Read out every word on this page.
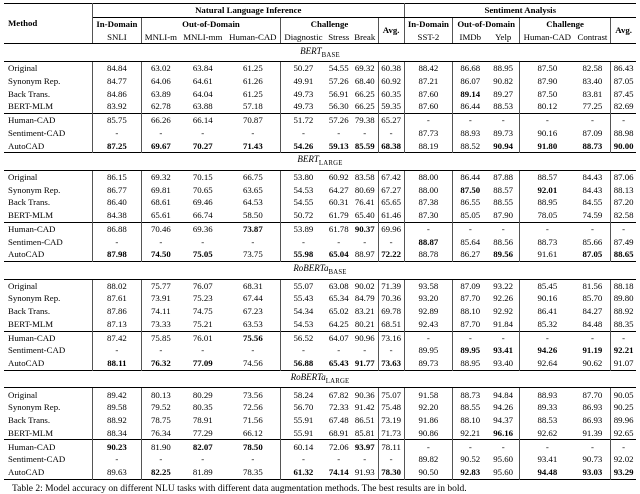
Method	Natural Language Inference								Sentiment Analysis					
	In-Domain	Out-of-Domain			Challenge			Avg.	In-Domain	Out-of-Domain		Challenge		Avg.
	SNLI	MNLI-m	MNLI-mm	Human-CAD	Diagnostic	Stress	Break		SST-2	IMDb	Yelp	Human-CAD	Contrast	
$BERT_{BASE}$
Original	84.84	63.02	63.84	61.25	50.27	54.55	69.32	60.38	88.42	86.68	88.95	87.50	82.58	86.43
Synonym Rep.	84.77	64.06	64.61	61.26	49.91	57.26	68.40	60.92	87.21	86.07	90.82	87.90	83.40	87.05
Back Trans.	84.86	63.89	64.04	61.25	49.73	56.91	66.25	60.35	87.60	89.14	89.27	87.50	83.81	87.45
BERT-MLM	83.92	62.78	63.88	57.18	49.73	56.30	66.25	59.35	87.60	86.44	88.53	80.12	77.25	82.69
Human-CAD	85.75	66.26	66.14	70.87	51.72	57.26	79.38	65.27	-	-	-	-	-	-
Sentiment-CAD	-	-	-	-	-	-	-	-	87.73	88.93	89.73	90.16	87.09	88.98
AutoCAD	87.25	69.67	70.27	71.43	54.26	59.13	85.59	68.38	88.19	88.52	90.94	91.80	88.73	90.00
$BERT_{LARGE}$
Original	86.15	69.32	70.15	66.75	53.80	60.92	83.58	67.42	88.00	86.44	87.88	88.57	84.43	87.06
Synonym Rep.	86.77	69.81	70.65	63.65	54.53	64.27	80.69	67.27	88.00	87.50	88.57	92.01	84.43	88.13
Back Trans.	86.40	68.61	69.46	64.53	54.55	60.31	76.41	65.65	87.38	86.55	88.55	88.95	84.55	87.20
BERT-MLM	84.38	65.61	66.74	58.50	50.72	61.79	65.40	61.46	87.30	85.05	87.90	78.05	74.59	82.58
Human-CAD	86.88	70.46	69.36	73.87	53.89	61.78	90.37	69.96	-	-	-	-	-	-
Sentimen-CAD	-	-	-	-	-	-	-	-	88.87	85.64	88.56	88.73	85.66	87.49
AutoCAD	87.98	74.50	75.05	73.75	55.98	65.04	88.97	72.22	88.78	86.27	89.56	91.61	87.05	88.65
RoBERTa$_{BASE}$
Original	88.02	75.77	76.07	68.31	55.07	63.08	90.02	71.39	93.58	87.09	93.22	85.45	81.56	88.18
Synonym Rep.	87.61	73.91	75.23	67.44	55.43	65.34	84.79	70.36	93.20	87.70	92.26	90.16	85.70	89.80
Back Trans.	87.86	74.11	74.75	67.23	54.34	65.02	83.21	69.78	92.89	88.10	92.92	86.41	84.27	88.92
BERT-MLM	87.13	73.33	75.21	63.53	54.53	64.25	80.21	68.51	92.43	87.70	91.84	85.32	84.48	88.35
Human-CAD	87.42	75.85	76.01	75.56	56.52	64.07	90.96	73.16	-	-	-	-	-	-
Sentiment-CAD	-	-	-	-	-	-	-	-	89.95	89.95	93.41	94.26	91.19	92.21
AutoCAD	88.11	76.32	77.09	74.56	56.88	65.43	91.77	73.63	89.73	88.95	93.40	92.64	90.62	91.07
RoBERTa$_{LARGE}$
Original	89.42	80.13	80.29	73.56	58.24	67.82	90.36	75.07	91.58	88.73	94.84	88.93	87.70	90.05
Synonym Rep.	89.58	79.52	80.35	72.56	56.70	72.33	91.42	75.48	92.20	88.55	94.26	89.33	86.93	90.25
Back Trans.	88.92	78.75	78.91	71.56	55.91	67.48	86.51	73.19	91.86	88.10	94.37	88.53	86.93	89.96
BERT-MLM	88.34	76.34	77.29	66.12	55.91	68.91	85.81	71.73	90.86	92.21	96.16	92.62	91.39	92.65
Human-CAD	90.23	81.90	82.07	78.50	60.14	72.06	93.97	78.11	-	-	-	-	-	-
Sentiment-CAD	-	-	-	-	-	-	-	-	89.82	90.52	95.60	93.41	90.73	92.02
AutoCAD	89.63	82.25	81.89	78.35	61.32	74.14	91.93	78.30	90.50	92.83	95.60	94.48	93.03	93.29
Table 2: Model accuracy on different NLU tasks with different data augmentation methods. The best results are in bold.
